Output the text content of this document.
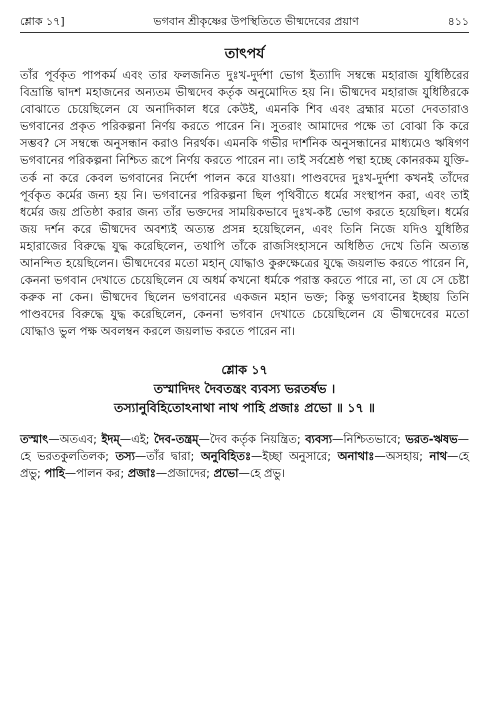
শ্লোক ১৭]	ভগবান শ্রীকৃষ্ণের উপস্থিতিতে ভীষ্মদেবের প্রয়াণ	৪১১
তাৎপর্য

তাঁর পূর্বকৃত পাপকর্ম এবং তার ফলজনিত দুঃখ-দুর্দশা ভোগ ইত্যাদি সম্বন্ধে মহারাজ যুধিষ্ঠিরের বিভ্রান্তি দ্বাদশ মহাজনের অন্যতম ভীষ্মদেব কর্তৃক অনুমোদিত হয় নি। ভীষ্মদেব মহারাজ যুধিষ্ঠিরকে বোঝাতে চেয়েছিলেন যে অনাদিকাল ধরে কেউই, এমনকি শিব এবং ব্রহ্মার মতো দেবতারাও ভগবানের প্রকৃত পরিকল্পনা নির্ণয় করতে পারেন নি। সুতরাং আমাদের পক্ষে তা বোঝা কি করে সম্ভব? সে সম্বন্ধে অনুসন্ধান করাও নিরর্থক। এমনকি গভীর দার্শনিক অনুসন্ধানের মাধ্যমেও ঋষিগণ ভগবানের পরিকল্পনা নিশ্চিত রূপে নির্ণয় করতে পারেন না। তাই সর্বশ্রেষ্ঠ পন্থা হচ্ছে কোনরকম যুক্তি-তর্ক না করে কেবল ভগবানের নির্দেশ পালন করে যাওয়া। পাণ্ডবদের দুঃখ-দুর্দশা কখনই তাঁদের পূর্বকৃত কর্মের জন্য হয় নি। ভগবানের পরিকল্পনা ছিল পৃথিবীতে ধর্মের সংস্থাপন করা, এবং তাই ধর্মের জয় প্রতিষ্ঠা করার জন্য তাঁর ভক্তদের সাময়িকভাবে দুঃখ-কষ্ট ভোগ করতে হয়েছিল। ধর্মের জয় দর্শন করে ভীষ্মদেব অবশ্যই অত্যন্ত প্রসন্ন হয়েছিলেন, এবং তিনি নিজে যদিও যুধিষ্ঠির মহারাজের বিরুদ্ধে যুদ্ধ করেছিলেন, তথাপি তাঁকে রাজসিংহাসনে অধিষ্ঠিত দেখে তিনি অত্যন্ত আনন্দিত হয়েছিলেন। ভীষ্মদেবের মতো মহান্ যোদ্ধাও কুরুক্ষেত্রের যুদ্ধে জয়লাভ করতে পারেন নি, কেননা ভগবান দেখাতে চেয়েছিলেন যে অধর্ম কখনো ধর্মকে পরাস্ত করতে পারে না, তা যে সে চেষ্টা করুক না কেন। ভীষ্মদেব ছিলেন ভগবানের একজন মহান ভক্ত; কিন্তু ভগবানের ইচ্ছায় তিনি পাণ্ডবদের বিরুদ্ধে যুদ্ধ করেছিলেন, কেননা ভগবান দেখাতে চেয়েছিলেন যে ভীষ্মদেবের মতো যোদ্ধাও ভুল পক্ষ অবলম্বন করলে জয়লাভ করতে পারেন না।

শ্লোক ১৭
তস্মাদিদং দৈবতন্ত্রং ব্যবস্য ভরতর্ষভ ।
তস্যানুবিহিতোঽনাথা নাথ পাহি প্রজাঃ প্রভো ॥ ১৭ ॥
তস্মাৎ—অতএব; ইদম্—এই; দৈব-তন্ত্রম্—দৈব কর্তৃক নিয়ন্ত্রিত; ব্যবস্য—নিশ্চিতভাবে; ভরত-ঋষভ—হে ভরতকুলতিলক; তস্য—তাঁর দ্বারা; অনুবিহিতঃ—ইচ্ছা অনুসারে; অনাথাঃ—অসহায়; নাথ—হে প্রভু; পাহি—পালন কর; প্রজাঃ—প্রজাদের; প্রভো—হে প্রভু।
